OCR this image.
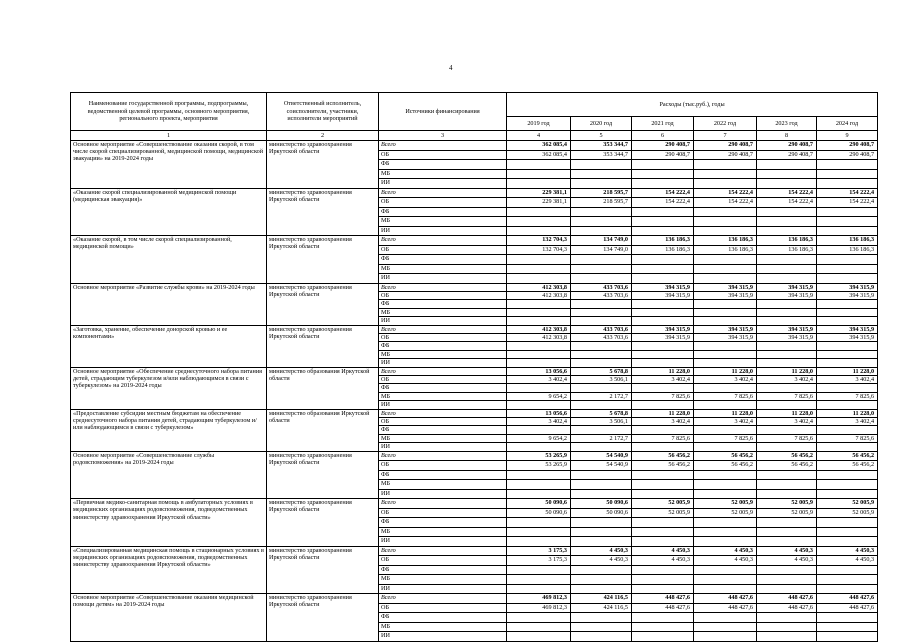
4
Наименование государственной программы, подпрограммы, ведомственной целевой программы, основного мероприятия, регионального проекта, мероприятия	Ответственный исполнитель, соисполнители, участники, исполнители мероприятий	Источники финансирования	Расходы (тыс.руб.), годы					
			2019 год	2020 год	2021 год	2022 год	2023 год	2024 год
1	2	3	4	5	6	7	8	9
Основное мероприятие «Совершенствование оказания скорой, в том числе скорой специализированной, медицинской помощи, медицинской эвакуации» на 2019-2024 годы	министерство здравоохранения Иркутской области	Всего	362 085,4	353 344,7	290 408,7	290 408,7	290 408,7	290 408,7
		ОБ	362 085,4	353 344,7	290 408,7	290 408,7	290 408,7	290 408,7
		ФБ						
		МБ						
		ИИ						
«Оказание скорой специализированной медицинской помощи (медицинская эвакуация)»	министерство здравоохранения Иркутской области	Всего	229 381,1	218 595,7	154 222,4	154 222,4	154 222,4	154 222,4
		ОБ	229 381,1	218 595,7	154 222,4	154 222,4	154 222,4	154 222,4
		ФБ						
		МБ						
		ИИ						
«Оказание скорой, в том числе скорой специализированной, медицинской помощи»	министерство здравоохранения Иркутской области	Всего	132 704,3	134 749,0	136 186,3	136 186,3	136 186,3	136 186,3
		ОБ	132 704,3	134 749,0	136 186,3	136 186,3	136 186,3	136 186,3
		ФБ						
		МБ						
		ИИ						
Основное мероприятие «Развитие службы крови» на 2019-2024 годы	министерство здравоохранения Иркутской области	Всего	412 303,8	433 703,6	394 315,9	394 315,9	394 315,9	394 315,9
		ОБ	412 303,8	433 703,6	394 315,9	394 315,9	394 315,9	394 315,9
		ФБ						
		МБ						
		ИИ						
«Заготовка, хранение, обеспечение донорской кровью и ее компонентами»	министерство здравоохранения Иркутской области	Всего	412 303,8	433 703,6	394 315,9	394 315,9	394 315,9	394 315,9
		ОБ	412 303,8	433 703,6	394 315,9	394 315,9	394 315,9	394 315,9
		ФБ						
		МБ						
		ИИ						
Основное мероприятие «Обеспечение среднесуточного набора питания детей, страдающим туберкулезом и/или наблюдающимся в связи с туберкулезом» на 2019-2024 годы	министерство образования Иркутской области	Всего	13 056,6	5 678,8	11 228,0	11 228,0	11 228,0	11 228,0
		ОБ	3 402,4	3 506,1	3 402,4	3 402,4	3 402,4	3 402,4
		ФБ						
		МБ	9 654,2	2 172,7	7 825,6	7 825,6	7 825,6	7 825,6
		ИИ						
«Предоставление субсидии местным бюджетам на обеспечение среднесуточного набора питания детей, страдающим туберкулезом и/или наблюдающимся в связи с туберкулезом»	министерство образования Иркутской области	Всего	13 056,6	5 678,8	11 228,0	11 228,0	11 228,0	11 228,0
		ОБ	3 402,4	3 506,1	3 402,4	3 402,4	3 402,4	3 402,4
		ФБ						
		МБ	9 654,2	2 172,7	7 825,6	7 825,6	7 825,6	7 825,6
		ИИ						
Основное мероприятие «Совершенствование службы родовспоможения» на 2019-2024 годы	министерство здравоохранения Иркутской области	Всего	53 265,9	54 540,9	56 456,2	56 456,2	56 456,2	56 456,2
		ОБ	53 265,9	54 540,9	56 456,2	56 456,2	56 456,2	56 456,2
		ФБ						
		МБ						
		ИИ						
«Первичная медико-санитарная помощь в амбулаторных условиях в медицинских организациях родовспоможения, подведомственных министерству здравоохранения Иркутской области»	министерство здравоохранения Иркутской области	Всего	50 090,6	50 090,6	52 005,9	52 005,9	52 005,9	52 005,9
		ОБ	50 090,6	50 090,6	52 005,9	52 005,9	52 005,9	52 005,9
		ФБ						
		МБ						
		ИИ						
«Специализированная медицинская помощь в стационарных условиях в медицинских организациях родовспоможения, подведомственных министерству здравоохранения Иркутской области»	министерство здравоохранения Иркутской области	Всего	3 175,3	4 450,3	4 450,3	4 450,3	4 450,3	4 450,3
		ОБ	3 175,3	4 450,3	4 450,3	4 450,3	4 450,3	4 450,3
		ФБ						
		МБ						
		ИИ						
Основное мероприятие «Совершенствование оказания медицинской помощи детям» на 2019-2024 годы	министерство здравоохранения Иркутской области	Всего	469 812,3	424 116,5	448 427,6	448 427,6	448 427,6	448 427,6
		ОБ	469 812,3	424 116,5	448 427,6	448 427,6	448 427,6	448 427,6
		ФБ						
		МБ						
		ИИ						
